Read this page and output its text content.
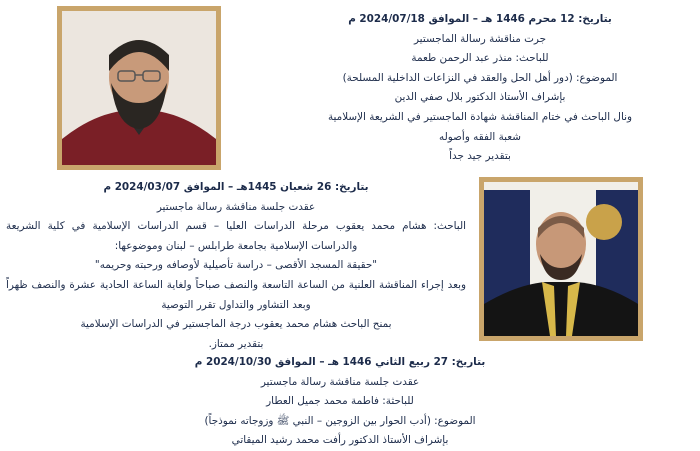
بتاريخ: 12 محرم 1446 هـ – الموافق 2024/07/18 م
جرت مناقشة رسالة الماجستير
للباحث: منذر عبد الرحمن طعمة
الموضوع: (دور أهل الحل والعقد في النزاعات الداخلية المسلحة)
بإشراف الأستاذ الدكتور بلال صفي الدين
ونال الباحث في ختام المناقشة شهادة الماجستير في الشريعة الإسلامية
شعبة الفقه وأصوله
بتقدير جيد جداً
بتاريخ: 26 شعبان 1445هـ – الموافق 2024/03/07 م
عقدت جلسة مناقشة رسالة ماجستير
الباحث: هشام محمد يعقوب مرحلة الدراسات العليا – قسم الدراسات الإسلامية في كلية الشريعة والدراسات الإسلامية بجامعة طرابلس – لبنان وموضوعها:
"حقيقة المسجد الأقصى – دراسة تأصيلية لأوصافه ورحبته وحريمه"
وبعد إجراء المناقشة العلنية من الساعة التاسعة والنصف صباحاً ولغاية الساعة الحادية عشرة والنصف ظهراً وبعد التشاور والتداول تقرر التوصية
بمنح الباحث هشام محمد يعقوب درجة الماجستير في الدراسات الإسلامية
بتقدير ممتاز.
بتاريخ: 27 ربيع الثاني 1446 هـ – الموافق 2024/10/30 م
عقدت جلسة مناقشة رسالة ماجستير
للباحثة: فاطمة محمد جميل العطار
الموضوع: (أدب الحوار بين الزوجين – النبي ﷺ وزوجاته نموذجاً)
بإشراف الأستاذ الدكتور رأفت محمد رشيد الميقاتي
